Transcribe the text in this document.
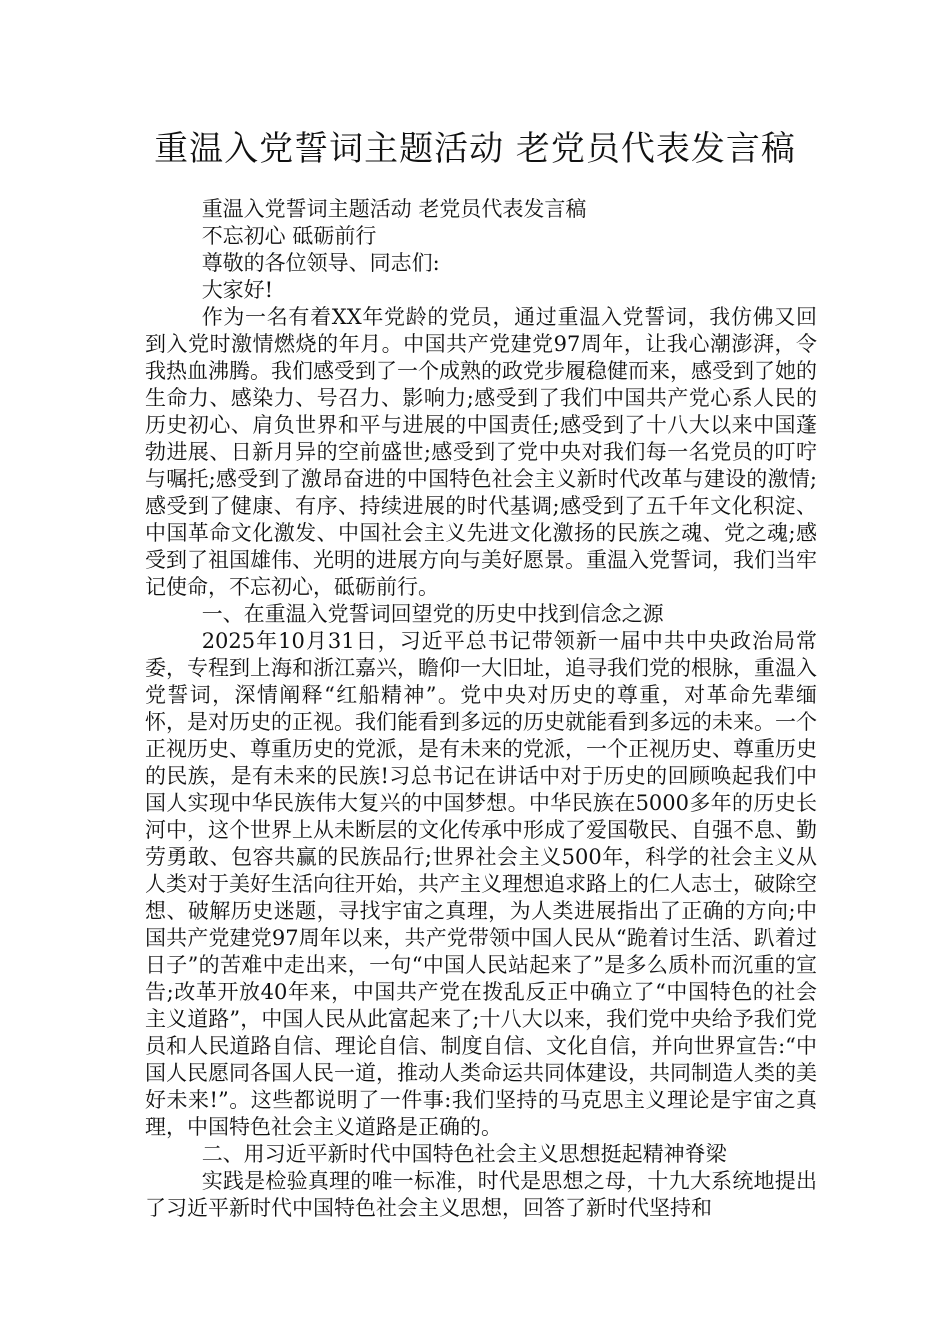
重温入党誓词主题活动 老党员代表发言稿

重温入党誓词主题活动 老党员代表发言稿

不忘初心 砥砺前行

尊敬的各位领导、同志们:

大家好!

作为一名有着XX年党龄的党员，通过重温入党誓词，我仿佛又回到入党时激情燃烧的年月。中国共产党建党97周年，让我心潮澎湃，令我热血沸腾。我们感受到了一个成熟的政党步履稳健而来，感受到了她的生命力、感染力、号召力、影响力;感受到了我们中国共产党心系人民的历史初心、肩负世界和平与进展的中国责任;感受到了十八大以来中国蓬勃进展、日新月异的空前盛世;感受到了党中央对我们每一名党员的叮咛与嘱托;感受到了激昂奋进的中国特色社会主义新时代改革与建设的激情;感受到了健康、有序、持续进展的时代基调;感受到了五千年文化积淀、中国革命文化激发、中国社会主义先进文化激扬的民族之魂、党之魂;感受到了祖国雄伟、光明的进展方向与美好愿景。重温入党誓词，我们当牢记使命，不忘初心，砥砺前行。

一、在重温入党誓词回望党的历史中找到信念之源

2025年10月31日，习近平总书记带领新一届中共中央政治局常委，专程到上海和浙江嘉兴，瞻仰一大旧址，追寻我们党的根脉，重温入党誓词，深情阐释“红船精神”。党中央对历史的尊重，对革命先辈缅怀，是对历史的正视。我们能看到多远的历史就能看到多远的未来。一个正视历史、尊重历史的党派，是有未来的党派，一个正视历史、尊重历史的民族，是有未来的民族!习总书记在讲话中对于历史的回顾唤起我们中国人实现中华民族伟大复兴的中国梦想。中华民族在5000多年的历史长河中，这个世界上从未断层的文化传承中形成了爱国敬民、自强不息、勤劳勇敢、包容共赢的民族品行;世界社会主义500年，科学的社会主义从人类对于美好生活向往开始，共产主义理想追求路上的仁人志士，破除空想、破解历史迷题，寻找宇宙之真理，为人类进展指出了正确的方向;中国共产党建党97周年以来，共产党带领中国人民从“跪着讨生活、趴着过日子”的苦难中走出来，一句“中国人民站起来了”是多么质朴而沉重的宣告;改革开放40年来，中国共产党在拨乱反正中确立了“中国特色的社会主义道路”，中国人民从此富起来了;十八大以来，我们党中央给予我们党员和人民道路自信、理论自信、制度自信、文化自信，并向世界宣告:“中国人民愿同各国人民一道，推动人类命运共同体建设，共同制造人类的美好未来!”。这些都说明了一件事:我们坚持的马克思主义理论是宇宙之真理，中国特色社会主义道路是正确的。

二、用习近平新时代中国特色社会主义思想挺起精神脊梁

实践是检验真理的唯一标准，时代是思想之母，十九大系统地提出了习近平新时代中国特色社会主义思想，回答了新时代坚持和
